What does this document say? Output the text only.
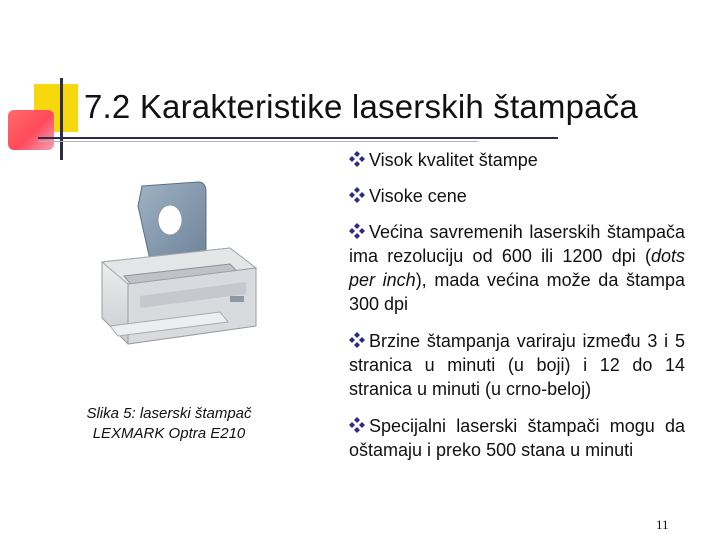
7.2 Karakteristike laserskih štampača

Visok kvalitet štampe

Visoke cene

Većina savremenih laserskih štampača ima rezoluciju od 600 ili 1200 dpi (dots per inch), mada većina može da štampa 300 dpi

Brzine štampanja variraju između 3 i 5 stranica u minuti (u boji) i 12 do 14 stranica u minuti (u crno-beloj)

Specijalni laserski štampači mogu da oštamaju i preko 500 stana u minuti

Slika 5: laserski štampač
LEXMARK Optra E210
11
